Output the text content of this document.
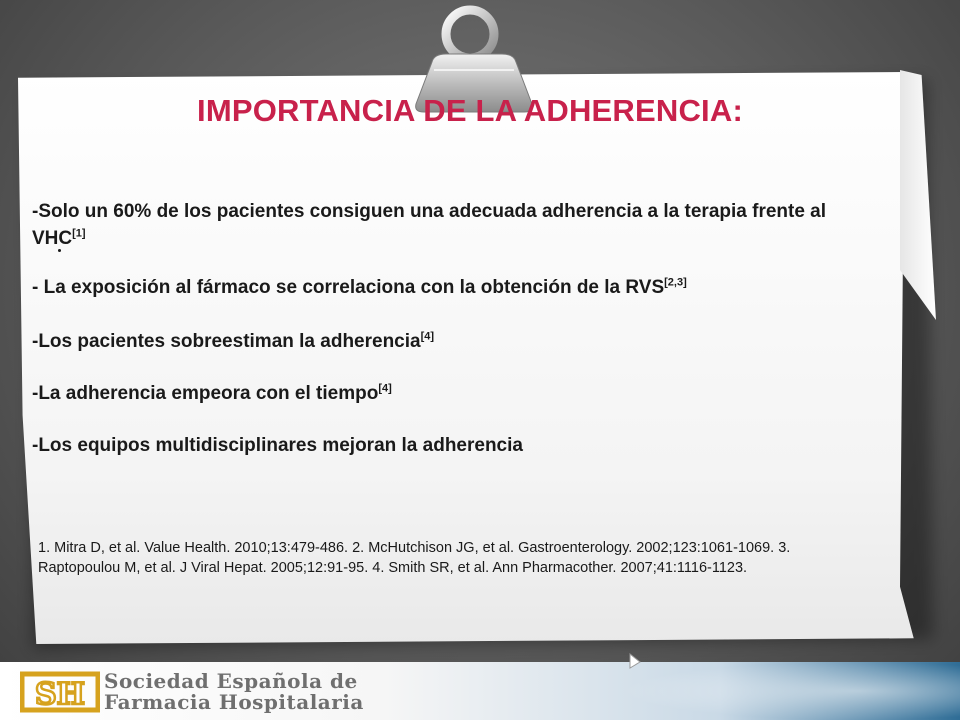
IMPORTANCIA DE LA ADHERENCIA:

-Solo un 60% de los pacientes consiguen una adecuada adherencia a la terapia frente al VHC[1]

- La exposición al fármaco se correlaciona con la obtención de la RVS[2,3]

-Los pacientes sobreestiman la adherencia[4]

-La adherencia empeora con el tiempo[4]

-Los equipos multidisciplinares mejoran la adherencia

1. Mitra D, et al. Value Health. 2010;13:479-486. 2. McHutchison JG, et al. Gastroenterology. 2002;123:1061-1069. 3. Raptopoulou M, et al. J Viral Hepat. 2005;12:91-95. 4. Smith SR, et al. Ann Pharmacother. 2007;41:1116-1123.
SH Sociedad Española de
Farmacia Hospitalaria
